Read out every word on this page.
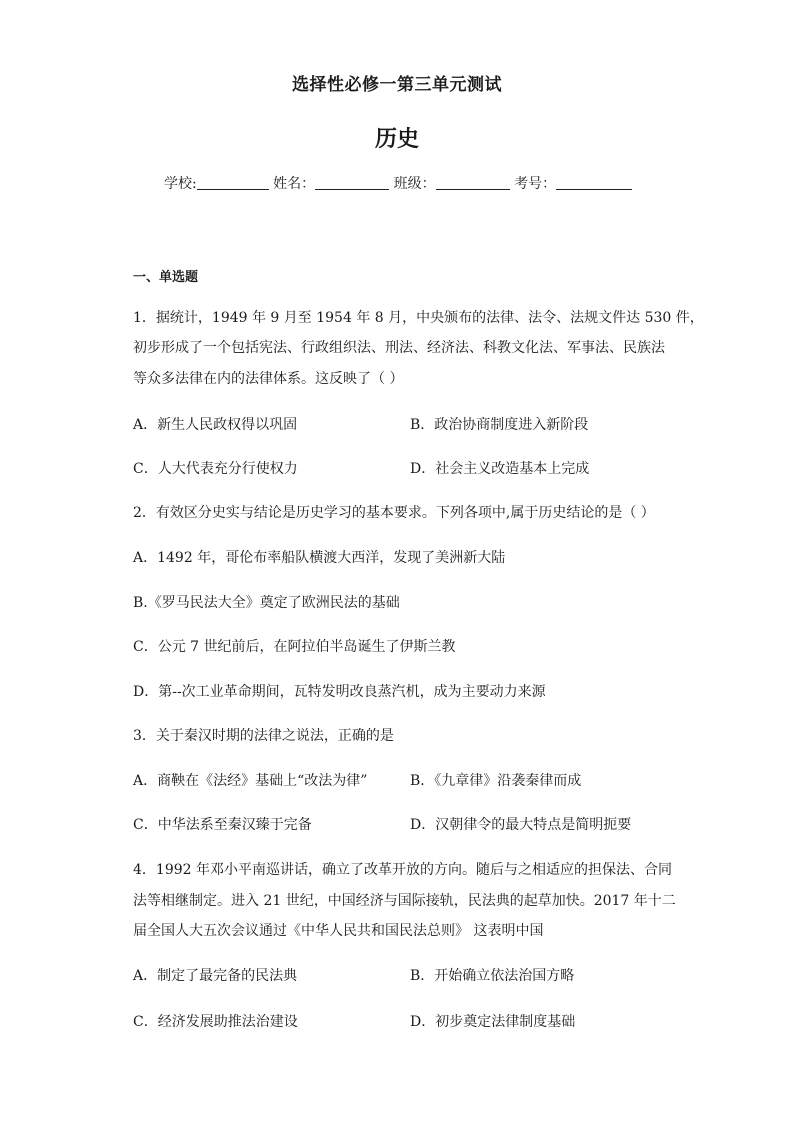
选择性必修一第三单元测试
历史
学校:	姓名：	班级：	考号：
一、单选题
1．据统计，1949 年 9 月至 1954 年 8 月，中央颁布的法律、法令、法规文件达 530 件，
初步形成了一个包括宪法、行政组织法、刑法、经济法、科教文化法、军事法、民族法
等众多法律在内的法律体系。这反映了（ ）
A．新生人民政权得以巩固	B．政治协商制度进入新阶段
C．人大代表充分行使权力	D．社会主义改造基本上完成
2．有效区分史实与结论是历史学习的基本要求。下列各项中,属于历史结论的是（ ）
A．1492 年，哥伦布率船队横渡大西洋，发现了美洲新大陆
B.《罗马民法大全》奠定了欧洲民法的基础
C．公元 7 世纪前后，在阿拉伯半岛诞生了伊斯兰教
D．第--次工业革命期间，瓦特发明改良蒸汽机，成为主要动力来源
3．关于秦汉时期的法律之说法，正确的是
A．商鞅在《法经》基础上“改法为律”	B．《九章律》沿袭秦律而成
C．中华法系至秦汉臻于完备	D．汉朝律令的最大特点是简明扼要
4．1992 年邓小平南巡讲话，确立了改革开放的方向。随后与之相适应的担保法、合同
法等相继制定。进入 21 世纪，中国经济与国际接轨，民法典的起草加快。2017 年十二
届全国人大五次会议通过《中华人民共和国民法总则》 这表明中国
A．制定了最完备的民法典	B．开始确立依法治国方略
C．经济发展助推法治建设	D．初步奠定法律制度基础
